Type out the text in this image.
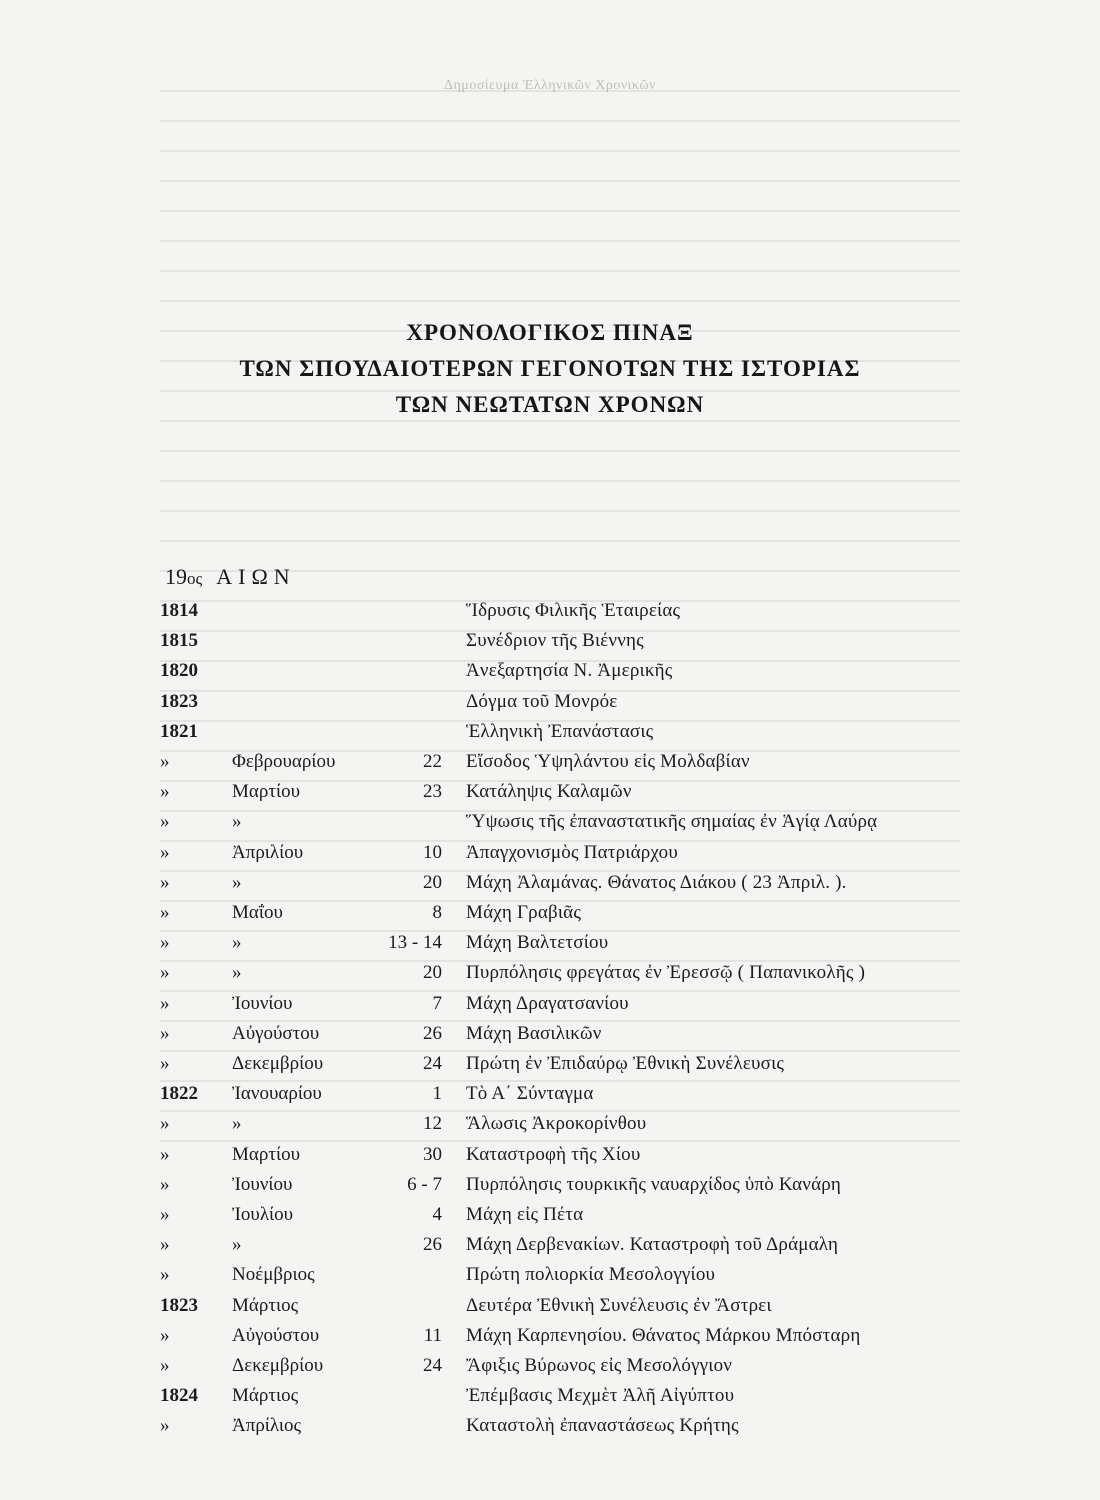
Δημοσίευμα Ἑλληνικῶν Χρονικῶν
ΧΡΟΝΟΛΟΓΙΚΟΣ ΠΙΝΑΞ
ΤΩΝ ΣΠΟΥΔΑΙΟΤΕΡΩΝ ΓΕΓΟΝΟΤΩΝ ΤΗΣ ΙΣΤΟΡΙΑΣ
ΤΩΝ ΝΕΩΤΑΤΩΝ ΧΡΟΝΩΝ
19ος ΑΙΩΝ
1814	Ἵδρυσις Φιλικῆς Ἑταιρείας
1815	Συνέδριον τῆς Βιέννης
1820	Ἀνεξαρτησία Ν. Ἀμερικῆς
1823	Δόγμα τοῦ Μονρόε
1821	Ἑλληνικὴ Ἐπανάστασις
»	Φεβρουαρίου	22 Εἴσοδος Ὑψηλάντου εἰς Μολδαβίαν
»	Μαρτίου	23 Κατάληψις Καλαμῶν
»	»	Ὕψωσις τῆς ἐπαναστατικῆς σημαίας ἐν Ἁγίᾳ Λαύρᾳ
»	Ἀπριλίου	10 Ἀπαγχονισμὸς Πατριάρχου
»	»	20 Μάχη Ἀλαμάνας. Θάνατος Διάκου ( 23 Ἀπριλ. ).
»	Μαΐου	8 Μάχη Γραβιᾶς
»	»	13 - 14 Μάχη Βαλτετσίου
»	»	20 Πυρπόλησις φρεγάτας ἐν Ἐρεσσῷ ( Παπανικολῆς )
»	Ἰουνίου	7 Μάχη Δραγατσανίου
»	Αὐγούστου	26 Μάχη Βασιλικῶν
»	Δεκεμβρίου	24 Πρώτη ἐν Ἐπιδαύρῳ Ἐθνικὴ Συνέλευσις
1822	Ἰανουαρίου	1 Τὸ Α΄ Σύνταγμα
»	»	12 Ἅλωσις Ἀκροκορίνθου
»	Μαρτίου	30 Καταστροφὴ τῆς Χίου
»	Ἰουνίου	6 - 7 Πυρπόλησις τουρκικῆς ναυαρχίδος ὑπὸ Κανάρη
»	Ἰουλίου	4 Μάχη εἰς Πέτα
»	»	26 Μάχη Δερβενακίων. Καταστροφὴ τοῦ Δράμαλη
»	Νοέμβριος	Πρώτη πολιορκία Μεσολογγίου
1823	Μάρτιος	Δευτέρα Ἐθνικὴ Συνέλευσις ἐν Ἄστρει
»	Αὐγούστου	11 Μάχη Καρπενησίου. Θάνατος Μάρκου Μπόσταρη
»	Δεκεμβρίου	24 Ἄφιξις Βύρωνος εἰς Μεσολόγγιον
1824	Μάρτιος	Ἐπέμβασις Μεχμὲτ Ἀλῆ Αἰγύπτου
»	Ἀπρίλιος	Καταστολὴ ἐπαναστάσεως Κρήτης
